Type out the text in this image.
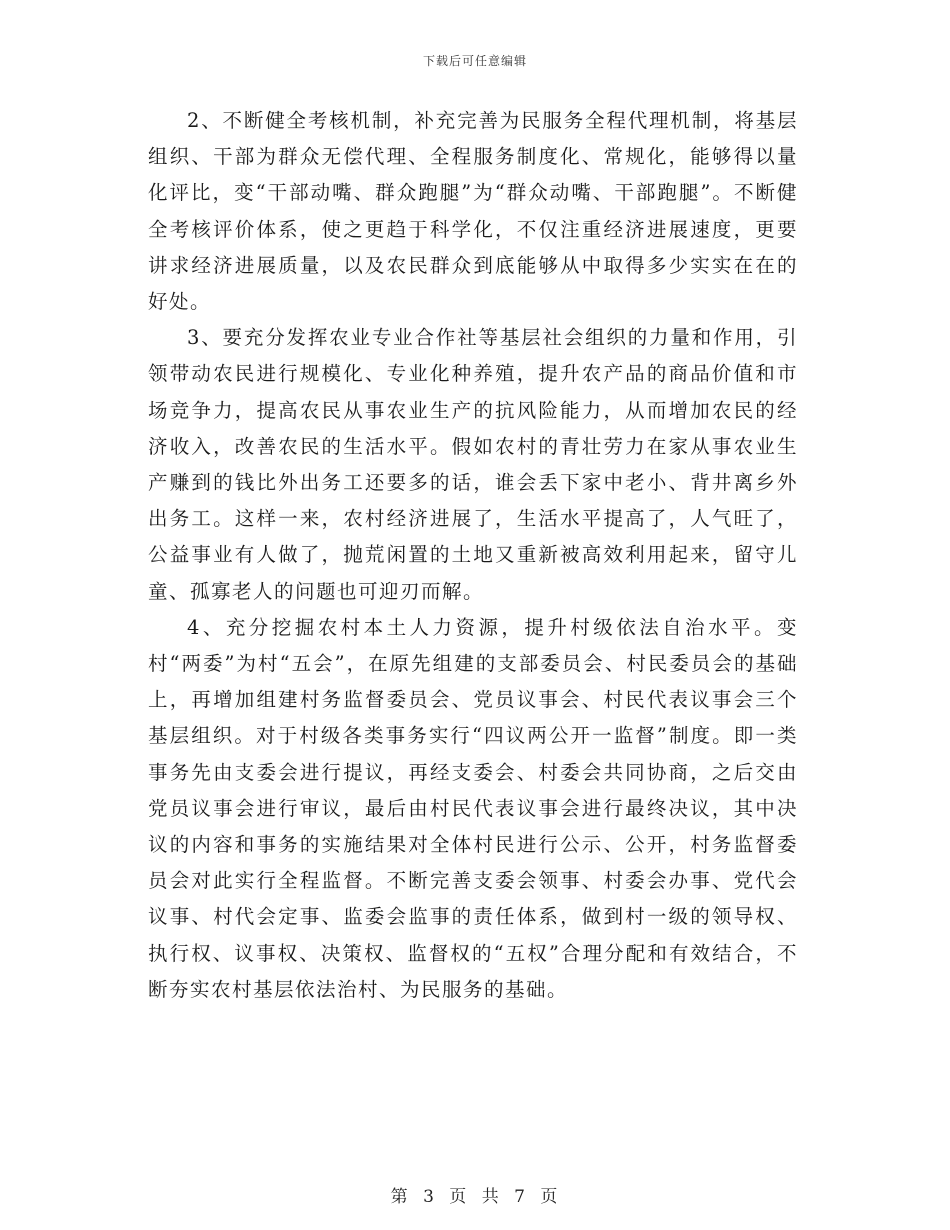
下载后可任意编辑

2、不断健全考核机制，补充完善为民服务全程代理机制，将基层组织、干部为群众无偿代理、全程服务制度化、常规化，能够得以量化评比，变“干部动嘴、群众跑腿”为“群众动嘴、干部跑腿”。不断健全考核评价体系，使之更趋于科学化，不仅注重经济进展速度，更要讲求经济进展质量，以及农民群众到底能够从中取得多少实实在在的好处。

3、要充分发挥农业专业合作社等基层社会组织的力量和作用，引领带动农民进行规模化、专业化种养殖，提升农产品的商品价值和市场竞争力，提高农民从事农业生产的抗风险能力，从而增加农民的经济收入，改善农民的生活水平。假如农村的青壮劳力在家从事农业生产赚到的钱比外出务工还要多的话，谁会丢下家中老小、背井离乡外出务工。这样一来，农村经济进展了，生活水平提高了，人气旺了，公益事业有人做了，抛荒闲置的土地又重新被高效利用起来，留守儿童、孤寡老人的问题也可迎刃而解。

4、充分挖掘农村本土人力资源，提升村级依法自治水平。变村“两委”为村“五会”，在原先组建的支部委员会、村民委员会的基础上，再增加组建村务监督委员会、党员议事会、村民代表议事会三个基层组织。对于村级各类事务实行“四议两公开一监督”制度。即一类事务先由支委会进行提议，再经支委会、村委会共同协商，之后交由党员议事会进行审议，最后由村民代表议事会进行最终决议，其中决议的内容和事务的实施结果对全体村民进行公示、公开，村务监督委员会对此实行全程监督。不断完善支委会领事、村委会办事、党代会议事、村代会定事、监委会监事的责任体系，做到村一级的领导权、执行权、议事权、决策权、监督权的“五权”合理分配和有效结合，不断夯实农村基层依法治村、为民服务的基础。

第 3 页 共 7 页
